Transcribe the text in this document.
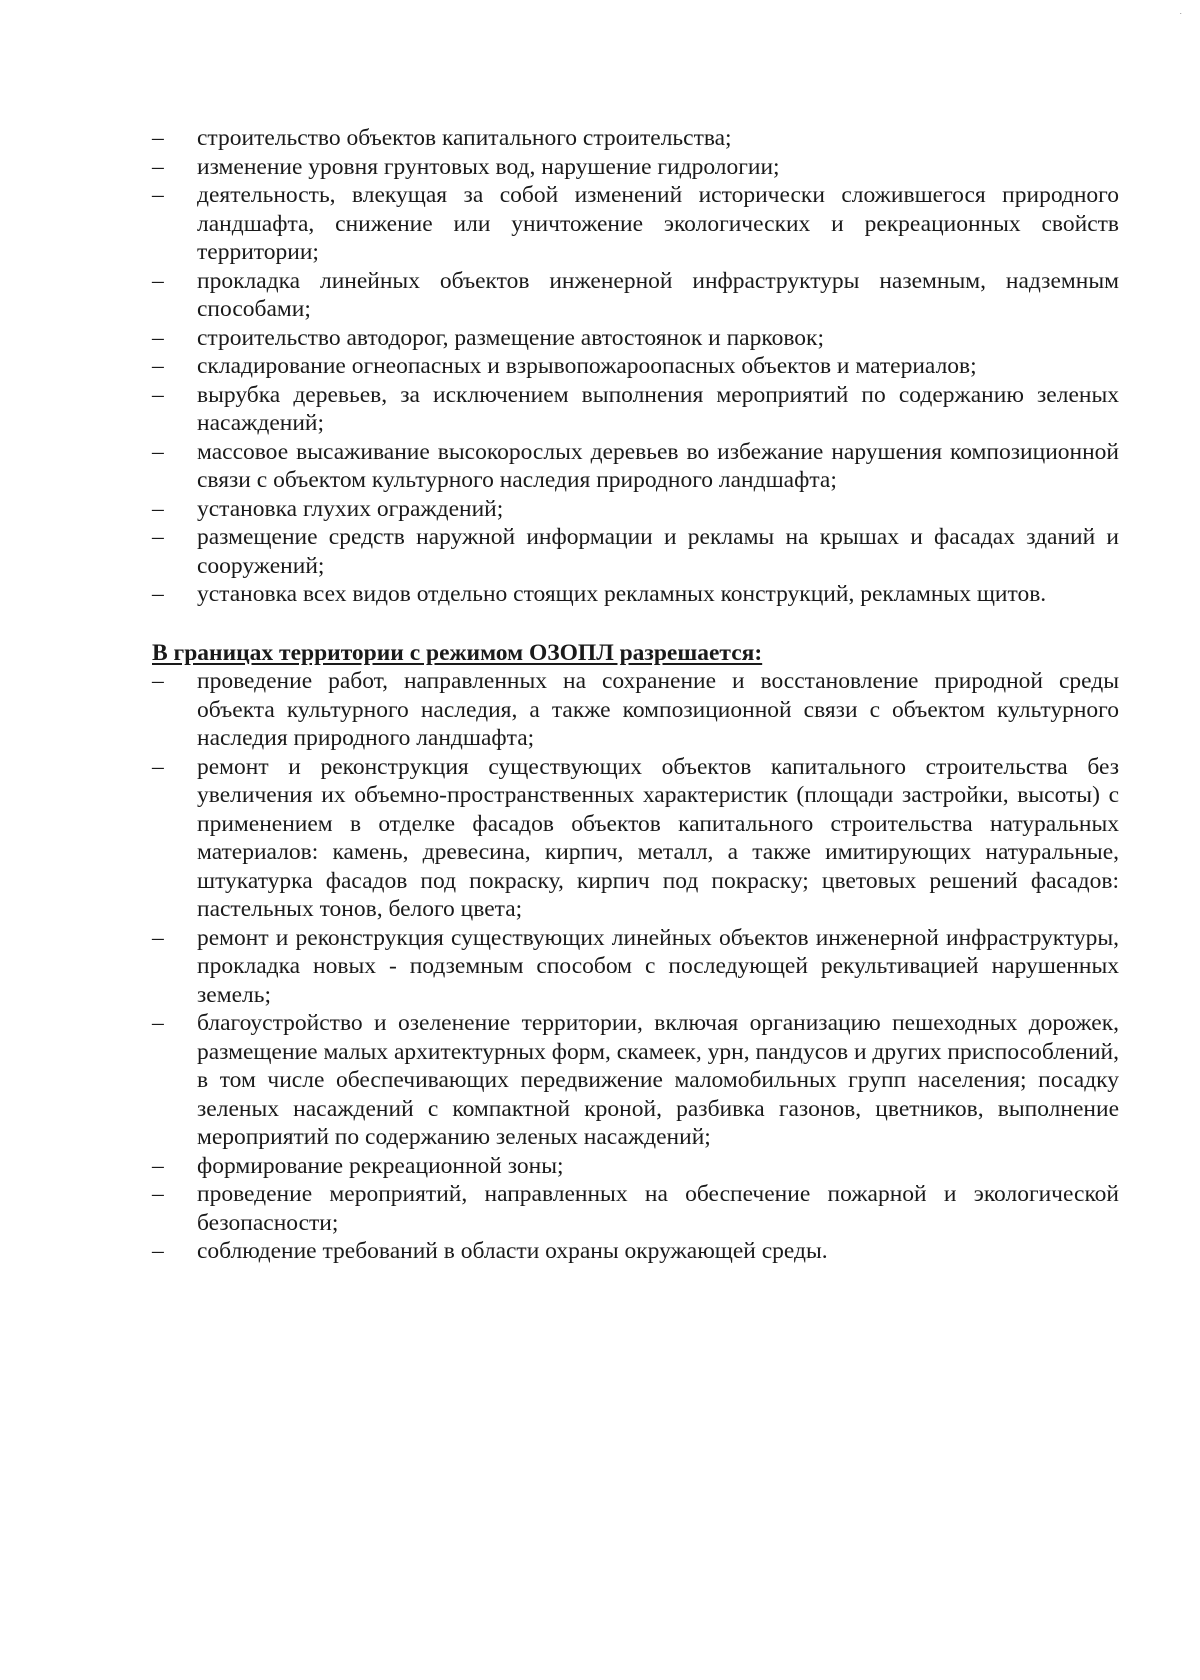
.
–	строительство объектов капитального строительства;
–	изменение уровня грунтовых вод, нарушение гидрологии;
–	деятельность, влекущая за собой изменений исторически сложившегося природного ландшафта, снижение или уничтожение экологических и рекреационных свойств территории;
–	прокладка линейных объектов инженерной инфраструктуры наземным, надземным способами;
–	строительство автодорог, размещение автостоянок и парковок;
–	складирование огнеопасных и взрывопожароопасных объектов и материалов;
–	вырубка деревьев, за исключением выполнения мероприятий по содержанию зеленых насаждений;
–	массовое высаживание высокорослых деревьев во избежание нарушения композиционной связи с объектом культурного наследия природного ландшафта;
–	установка глухих ограждений;
–	размещение средств наружной информации и рекламы на крышах и фасадах зданий и сооружений;
–	установка всех видов отдельно стоящих рекламных конструкций, рекламных щитов.
В границах территории с режимом ОЗОПЛ разрешается:
–	проведение работ, направленных на сохранение и восстановление природной среды объекта культурного наследия, а также композиционной связи с объектом культурного наследия природного ландшафта;
–	ремонт и реконструкция существующих объектов капитального строительства без увеличения их объемно-пространственных характеристик (площади застройки, высоты) с применением в отделке фасадов объектов капитального строительства натуральных материалов: камень, древесина, кирпич, металл, а также имитирующих натуральные, штукатурка фасадов под покраску, кирпич под покраску; цветовых решений фасадов: пастельных тонов, белого цвета;
–	ремонт и реконструкция существующих линейных объектов инженерной инфраструктуры, прокладка новых - подземным способом с последующей рекультивацией нарушенных земель;
–	благоустройство и озеленение территории, включая организацию пешеходных дорожек, размещение малых архитектурных форм, скамеек, урн, пандусов и других приспособлений, в том числе обеспечивающих передвижение маломобильных групп населения; посадку зеленых насаждений с компактной кроной, разбивка газонов, цветников, выполнение мероприятий по содержанию зеленых насаждений;
–	формирование рекреационной зоны;
–	проведение мероприятий, направленных на обеспечение пожарной и экологической безопасности;
–	соблюдение требований в области охраны окружающей среды.
